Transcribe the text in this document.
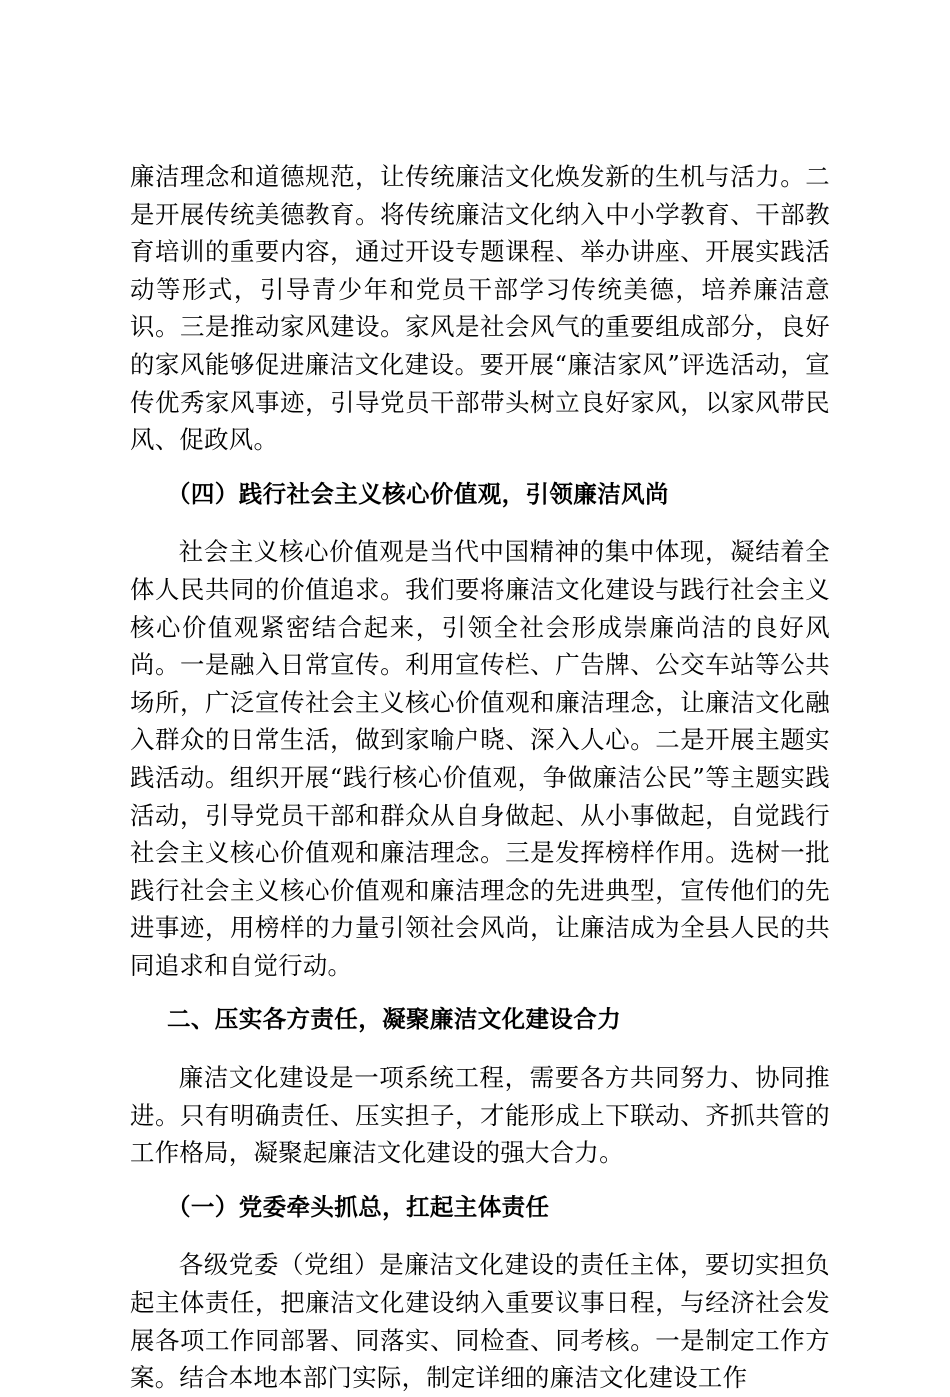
廉洁理念和道德规范，让传统廉洁文化焕发新的生机与活力。二是开展传统美德教育。将传统廉洁文化纳入中小学教育、干部教育培训的重要内容，通过开设专题课程、举办讲座、开展实践活动等形式，引导青少年和党员干部学习传统美德，培养廉洁意识。三是推动家风建设。家风是社会风气的重要组成部分，良好的家风能够促进廉洁文化建设。要开展“廉洁家风”评选活动，宣传优秀家风事迹，引导党员干部带头树立良好家风，以家风带民风、促政风。

（四）践行社会主义核心价值观，引领廉洁风尚

社会主义核心价值观是当代中国精神的集中体现，凝结着全体人民共同的价值追求。我们要将廉洁文化建设与践行社会主义核心价值观紧密结合起来，引领全社会形成崇廉尚洁的良好风尚。一是融入日常宣传。利用宣传栏、广告牌、公交车站等公共场所，广泛宣传社会主义核心价值观和廉洁理念，让廉洁文化融入群众的日常生活，做到家喻户晓、深入人心。二是开展主题实践活动。组织开展“践行核心价值观，争做廉洁公民”等主题实践活动，引导党员干部和群众从自身做起、从小事做起，自觉践行社会主义核心价值观和廉洁理念。三是发挥榜样作用。选树一批践行社会主义核心价值观和廉洁理念的先进典型，宣传他们的先进事迹，用榜样的力量引领社会风尚，让廉洁成为全县人民的共同追求和自觉行动。

二、压实各方责任，凝聚廉洁文化建设合力

廉洁文化建设是一项系统工程，需要各方共同努力、协同推进。只有明确责任、压实担子，才能形成上下联动、齐抓共管的工作格局，凝聚起廉洁文化建设的强大合力。

（一）党委牵头抓总，扛起主体责任

各级党委（党组）是廉洁文化建设的责任主体，要切实担负起主体责任，把廉洁文化建设纳入重要议事日程，与经济社会发展各项工作同部署、同落实、同检查、同考核。一是制定工作方案。结合本地本部门实际，制定详细的廉洁文化建设工作
